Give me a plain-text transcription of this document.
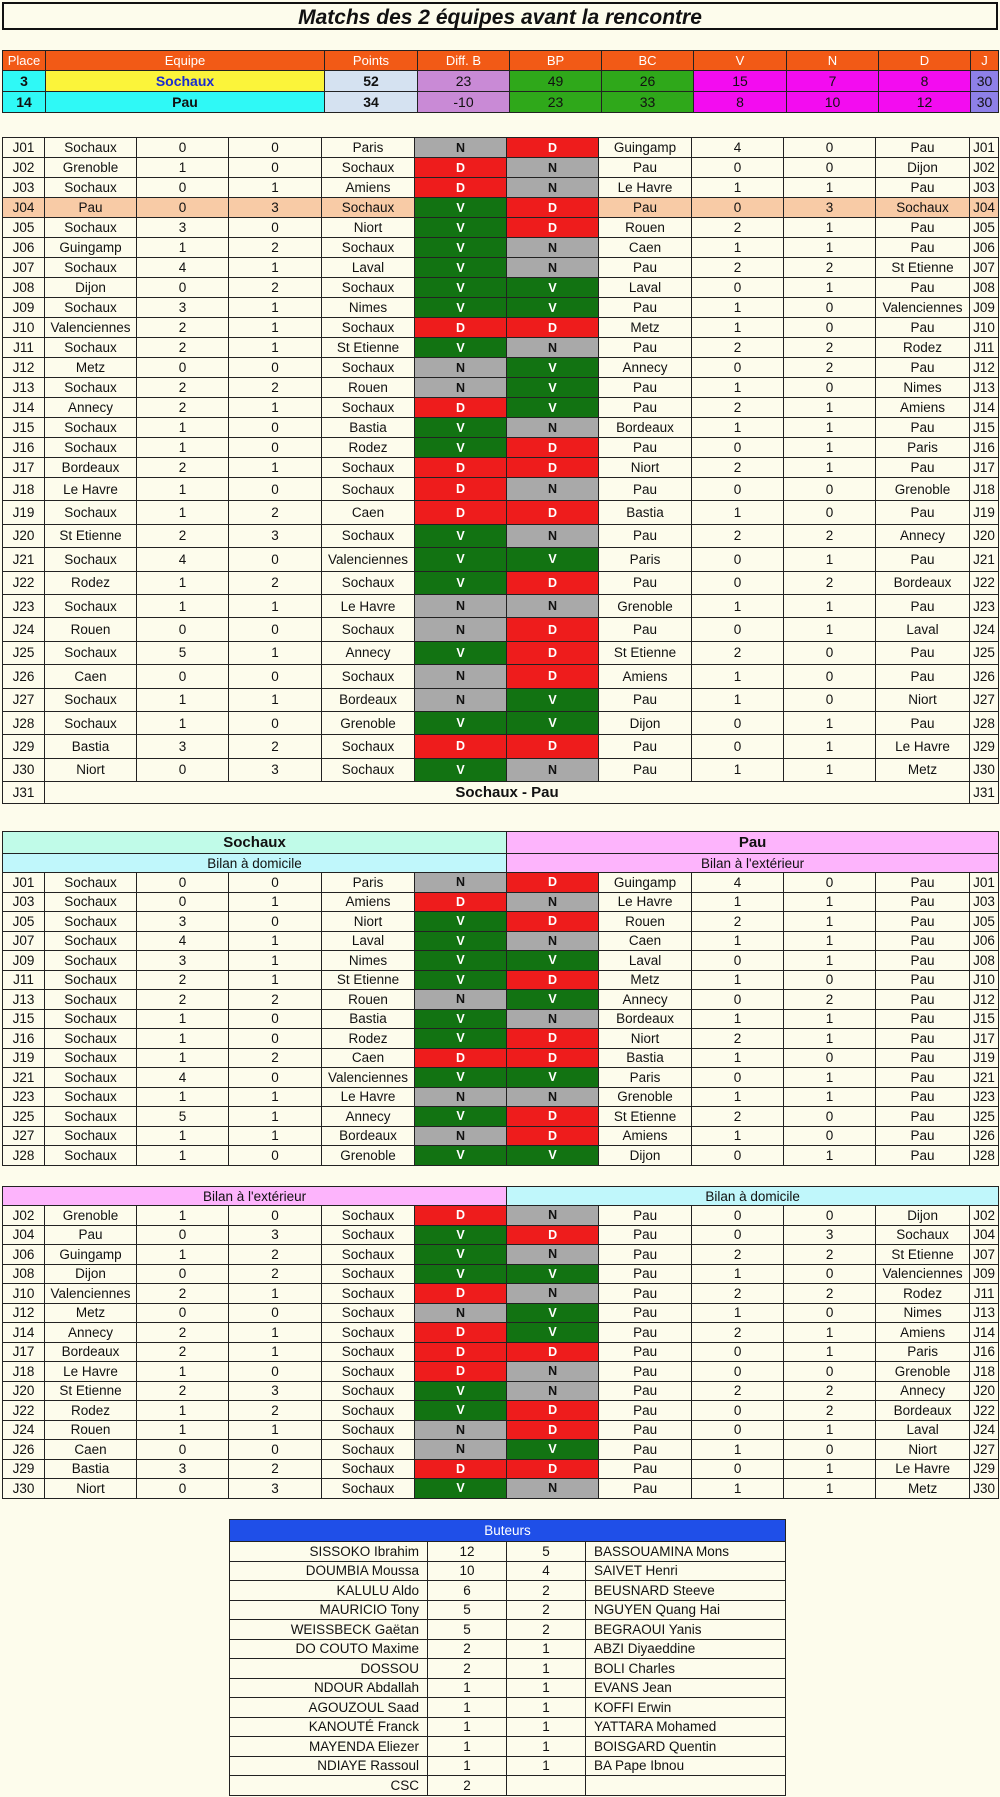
Matchs des 2 équipes avant la rencontre
Place	Equipe	Points	Diff. B	BP	BC	V	N	D	J
3	Sochaux	52	23	49	26	15	7	8	30
14	Pau	34	-10	23	33	8	10	12	30
J01	Sochaux	0	0	Paris	N	D	Guingamp	4	0	Pau	J01
J02	Grenoble	1	0	Sochaux	D	N	Pau	0	0	Dijon	J02
J03	Sochaux	0	1	Amiens	D	N	Le Havre	1	1	Pau	J03
J04	Pau	0	3	Sochaux	V	D	Pau	0	3	Sochaux	J04
J05	Sochaux	3	0	Niort	V	D	Rouen	2	1	Pau	J05
J06	Guingamp	1	2	Sochaux	V	N	Caen	1	1	Pau	J06
J07	Sochaux	4	1	Laval	V	N	Pau	2	2	St Etienne	J07
J08	Dijon	0	2	Sochaux	V	V	Laval	0	1	Pau	J08
J09	Sochaux	3	1	Nimes	V	V	Pau	1	0	Valenciennes	J09
J10	Valenciennes	2	1	Sochaux	D	D	Metz	1	0	Pau	J10
J11	Sochaux	2	1	St Etienne	V	N	Pau	2	2	Rodez	J11
J12	Metz	0	0	Sochaux	N	V	Annecy	0	2	Pau	J12
J13	Sochaux	2	2	Rouen	N	V	Pau	1	0	Nimes	J13
J14	Annecy	2	1	Sochaux	D	V	Pau	2	1	Amiens	J14
J15	Sochaux	1	0	Bastia	V	N	Bordeaux	1	1	Pau	J15
J16	Sochaux	1	0	Rodez	V	D	Pau	0	1	Paris	J16
J17	Bordeaux	2	1	Sochaux	D	D	Niort	2	1	Pau	J17
J18	Le Havre	1	0	Sochaux	D	N	Pau	0	0	Grenoble	J18
J19	Sochaux	1	2	Caen	D	D	Bastia	1	0	Pau	J19
J20	St Etienne	2	3	Sochaux	V	N	Pau	2	2	Annecy	J20
J21	Sochaux	4	0	Valenciennes	V	V	Paris	0	1	Pau	J21
J22	Rodez	1	2	Sochaux	V	D	Pau	0	2	Bordeaux	J22
J23	Sochaux	1	1	Le Havre	N	N	Grenoble	1	1	Pau	J23
J24	Rouen	0	0	Sochaux	N	D	Pau	0	1	Laval	J24
J25	Sochaux	5	1	Annecy	V	D	St Etienne	2	0	Pau	J25
J26	Caen	0	0	Sochaux	N	D	Amiens	1	0	Pau	J26
J27	Sochaux	1	1	Bordeaux	N	V	Pau	1	0	Niort	J27
J28	Sochaux	1	0	Grenoble	V	V	Dijon	0	1	Pau	J28
J29	Bastia	3	2	Sochaux	D	D	Pau	0	1	Le Havre	J29
J30	Niort	0	3	Sochaux	V	N	Pau	1	1	Metz	J30
J31	Sochaux - Pau										J31
Sochaux						Pau					
Bilan à domicile						Bilan à l'extérieur					
J01	Sochaux	0	0	Paris	N	D	Guingamp	4	0	Pau	J01
J03	Sochaux	0	1	Amiens	D	N	Le Havre	1	1	Pau	J03
J05	Sochaux	3	0	Niort	V	D	Rouen	2	1	Pau	J05
J07	Sochaux	4	1	Laval	V	N	Caen	1	1	Pau	J06
J09	Sochaux	3	1	Nimes	V	V	Laval	0	1	Pau	J08
J11	Sochaux	2	1	St Etienne	V	D	Metz	1	0	Pau	J10
J13	Sochaux	2	2	Rouen	N	V	Annecy	0	2	Pau	J12
J15	Sochaux	1	0	Bastia	V	N	Bordeaux	1	1	Pau	J15
J16	Sochaux	1	0	Rodez	V	D	Niort	2	1	Pau	J17
J19	Sochaux	1	2	Caen	D	D	Bastia	1	0	Pau	J19
J21	Sochaux	4	0	Valenciennes	V	V	Paris	0	1	Pau	J21
J23	Sochaux	1	1	Le Havre	N	N	Grenoble	1	1	Pau	J23
J25	Sochaux	5	1	Annecy	V	D	St Etienne	2	0	Pau	J25
J27	Sochaux	1	1	Bordeaux	N	D	Amiens	1	0	Pau	J26
J28	Sochaux	1	0	Grenoble	V	V	Dijon	0	1	Pau	J28
Bilan à l'extérieur						Bilan à domicile					
J02	Grenoble	1	0	Sochaux	D	N	Pau	0	0	Dijon	J02
J04	Pau	0	3	Sochaux	V	D	Pau	0	3	Sochaux	J04
J06	Guingamp	1	2	Sochaux	V	N	Pau	2	2	St Etienne	J07
J08	Dijon	0	2	Sochaux	V	V	Pau	1	0	Valenciennes	J09
J10	Valenciennes	2	1	Sochaux	D	N	Pau	2	2	Rodez	J11
J12	Metz	0	0	Sochaux	N	V	Pau	1	0	Nimes	J13
J14	Annecy	2	1	Sochaux	D	V	Pau	2	1	Amiens	J14
J17	Bordeaux	2	1	Sochaux	D	D	Pau	0	1	Paris	J16
J18	Le Havre	1	0	Sochaux	D	N	Pau	0	0	Grenoble	J18
J20	St Etienne	2	3	Sochaux	V	N	Pau	2	2	Annecy	J20
J22	Rodez	1	2	Sochaux	V	D	Pau	0	2	Bordeaux	J22
J24	Rouen	1	1	Sochaux	N	D	Pau	0	1	Laval	J24
J26	Caen	0	0	Sochaux	N	V	Pau	1	0	Niort	J27
J29	Bastia	3	2	Sochaux	D	D	Pau	0	1	Le Havre	J29
J30	Niort	0	3	Sochaux	V	N	Pau	1	1	Metz	J30
Buteurs			
SISSOKO Ibrahim	12	5	BASSOUAMINA Mons
DOUMBIA Moussa	10	4	SAIVET Henri
KALULU Aldo	6	2	BEUSNARD Steeve
MAURICIO Tony	5	2	NGUYEN Quang Hai
WEISSBECK Gaëtan	5	2	BEGRAOUI Yanis
DO COUTO Maxime	2	1	ABZI Diyaeddine
DOSSOU	2	1	BOLI Charles
NDOUR Abdallah	1	1	EVANS Jean
AGOUZOUL Saad	1	1	KOFFI Erwin
KANOUTÉ Franck	1	1	YATTARA Mohamed
MAYENDA Eliezer	1	1	BOISGARD Quentin
NDIAYE Rassoul	1	1	BA Pape Ibnou
CSC	2		
